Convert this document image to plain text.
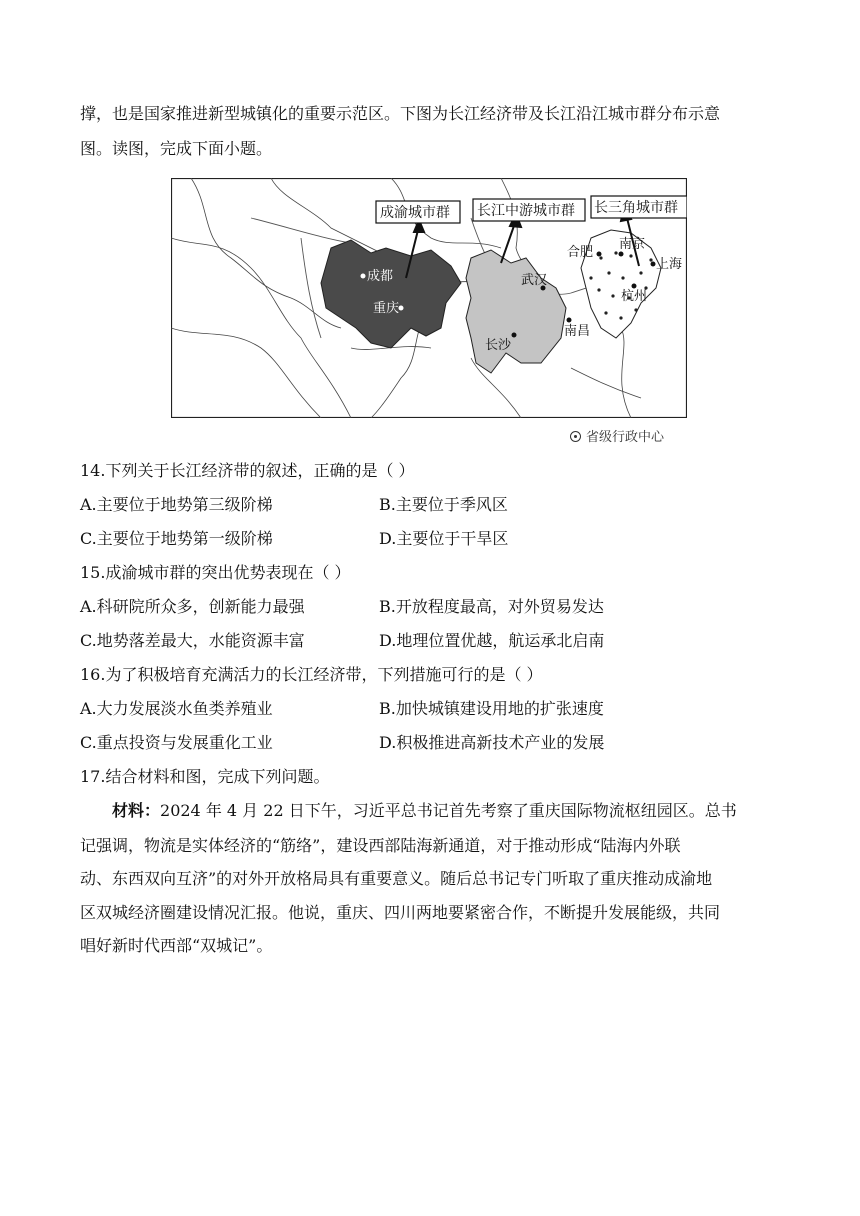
撑，也是国家推进新型城镇化的重要示范区。下图为长江经济带及长江沿江城市群分布示意
图。读图，完成下面小题。
成渝城市群 长江中游城市群 长三角城市群
成都
重庆
武汉
长沙
南昌
合肥
南京
上海
杭州
省级行政中心
14.下列关于长江经济带的叙述，正确的是（ ）
A.主要位于地势第三级阶梯	B.主要位于季风区
C.主要位于地势第一级阶梯	D.主要位于干旱区
15.成渝城市群的突出优势表现在（ ）
A.科研院所众多，创新能力最强	B.开放程度最高，对外贸易发达
C.地势落差最大，水能资源丰富	D.地理位置优越，航运承北启南
16.为了积极培育充满活力的长江经济带，下列措施可行的是（ ）
A.大力发展淡水鱼类养殖业	B.加快城镇建设用地的扩张速度
C.重点投资与发展重化工业	D.积极推进高新技术产业的发展
17.结合材料和图，完成下列问题。
材料：2024 年 4 月 22 日下午，习近平总书记首先考察了重庆国际物流枢纽园区。总书
记强调，物流是实体经济的“筋络”，建设西部陆海新通道，对于推动形成“陆海内外联
动、东西双向互济”的对外开放格局具有重要意义。随后总书记专门听取了重庆推动成渝地
区双城经济圈建设情况汇报。他说，重庆、四川两地要紧密合作，不断提升发展能级，共同
唱好新时代西部“双城记”。
